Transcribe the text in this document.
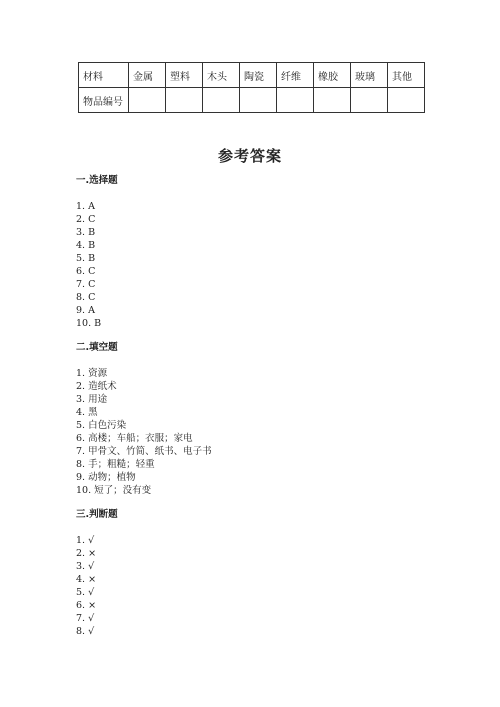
材料	金属	塑料	木头	陶瓷	纤维	橡胶	玻璃	其他
物品编号								
参考答案
一.选择题
1. A
2. C
3. B
4. B
5. B
6. C
7. C
8. C
9. A
10. B
二.填空题
1. 资源
2. 造纸术
3. 用途
4. 黑
5. 白色污染
6. 高楼；车船；衣服；家电
7. 甲骨文、竹简、纸书、电子书
8. 手；粗糙；轻重
9. 动物；植物
10. 短了；没有变
三.判断题
1. √
2. ×
3. √
4. ×
5. √
6. ×
7. √
8. √
